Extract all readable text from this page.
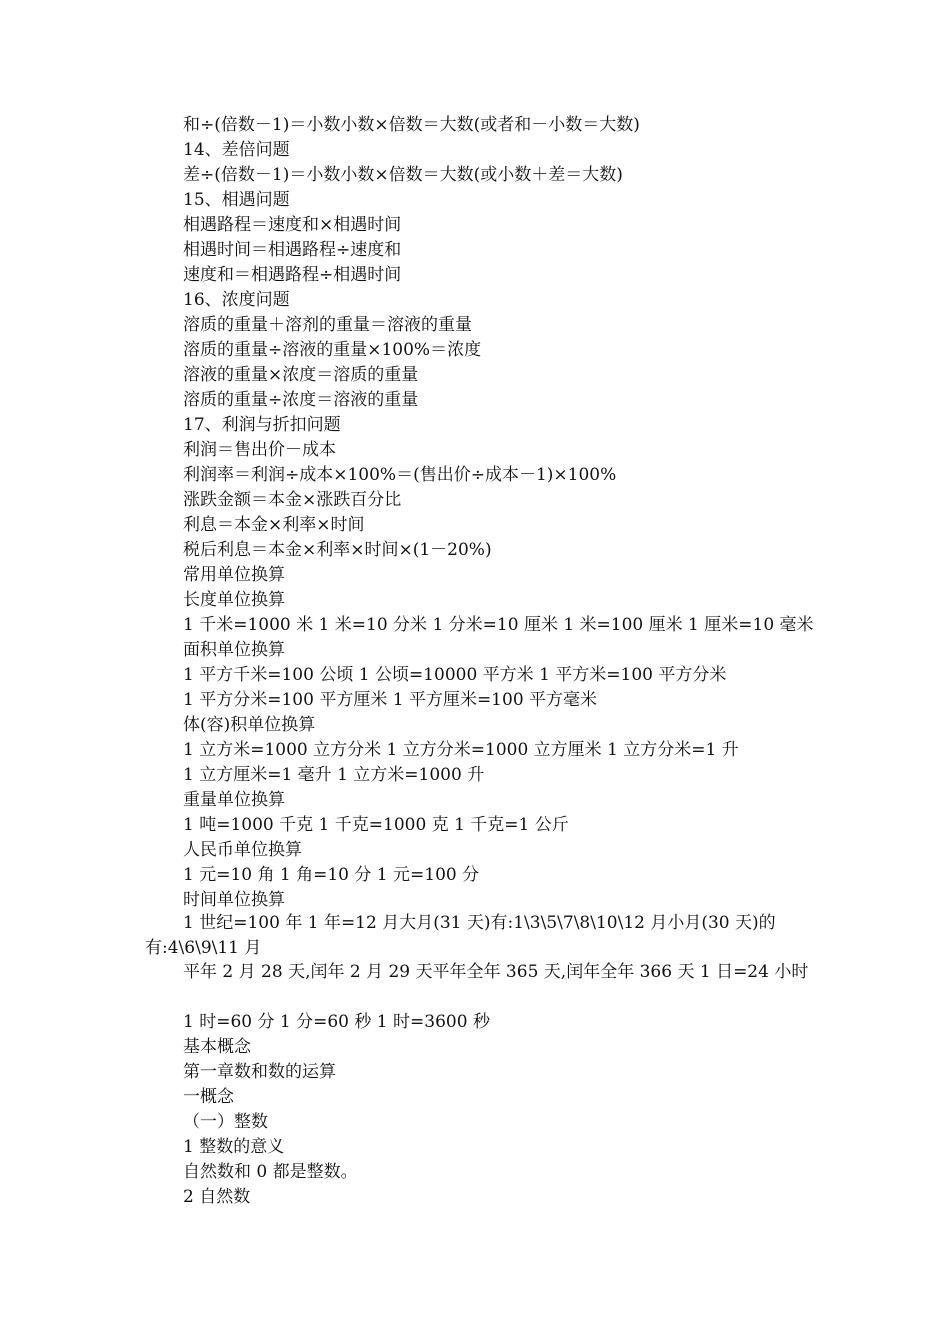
和÷(倍数－1)＝小数小数×倍数＝大数(或者和－小数＝大数)
14、差倍问题
差÷(倍数－1)＝小数小数×倍数＝大数(或小数＋差＝大数)
15、相遇问题
相遇路程＝速度和×相遇时间
相遇时间＝相遇路程÷速度和
速度和＝相遇路程÷相遇时间
16、浓度问题
溶质的重量＋溶剂的重量＝溶液的重量
溶质的重量÷溶液的重量×100%＝浓度
溶液的重量×浓度＝溶质的重量
溶质的重量÷浓度＝溶液的重量
17、利润与折扣问题
利润＝售出价－成本
利润率＝利润÷成本×100%＝(售出价÷成本－1)×100%
涨跌金额＝本金×涨跌百分比
利息＝本金×利率×时间
税后利息＝本金×利率×时间×(1－20%)
常用单位换算
长度单位换算
1 千米=1000 米 1 米=10 分米 1 分米=10 厘米 1 米=100 厘米 1 厘米=10 毫米
面积单位换算
1 平方千米=100 公顷 1 公顷=10000 平方米 1 平方米=100 平方分米
1 平方分米=100 平方厘米 1 平方厘米=100 平方毫米
体(容)积单位换算
1 立方米=1000 立方分米 1 立方分米=1000 立方厘米 1 立方分米=1 升
1 立方厘米=1 毫升 1 立方米=1000 升
重量单位换算
1 吨=1000 千克 1 千克=1000 克 1 千克=1 公斤
人民币单位换算
1 元=10 角 1 角=10 分 1 元=100 分
时间单位换算
1 世纪=100 年 1 年=12 月大月(31 天)有:1\3\5\7\8\10\12 月小月(30 天)的有:4\6\9\11 月
平年 2 月 28 天,闰年 2 月 29 天平年全年 365 天,闰年全年 366 天 1 日=24 小时
1 时=60 分 1 分=60 秒 1 时=3600 秒
基本概念
第一章数和数的运算
一概念
（一）整数
1 整数的意义
自然数和 0 都是整数。
2 自然数
